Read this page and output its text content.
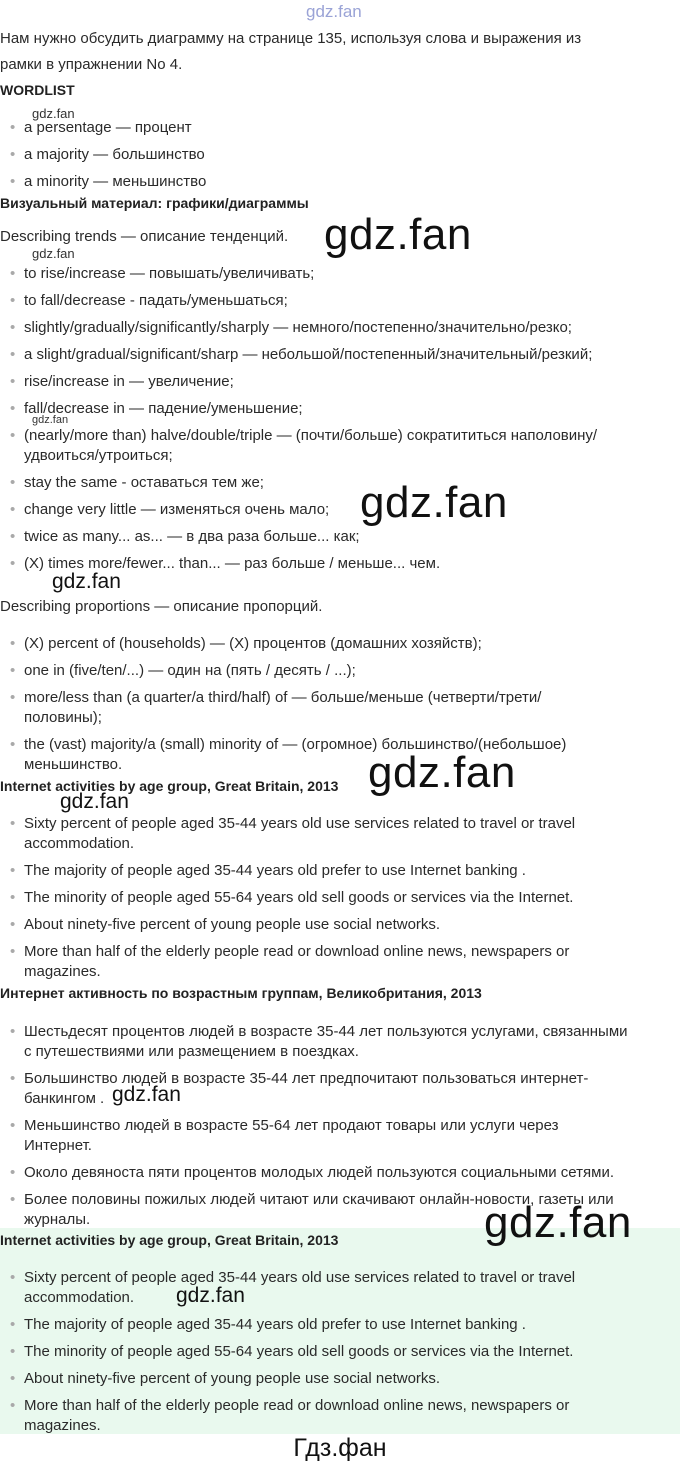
gdz.fan
Нам нужно обсудить диаграмму на странице 135, используя слова и выражения из
рамки в упражнении No 4.
WORDLIST
gdz.fan
• a persentage — процент
• a majority — большинство
• a minority — меньшинство
Визуальный материал: графики/диаграммы
Describing trends — описание тенденций. gdz.fan
gdz.fan
• to rise/increase — повышать/увеличивать;
• to fall/decrease - падать/уменьшаться;
• slightly/gradually/significantly/sharply — немного/постепенно/значительно/резко;
• a slight/gradual/significant/sharp — небольшой/постепенный/значительный/резкий;
• rise/increase in — увеличение;
• fall/decrease in — падение/уменьшение;
gdz.fan
• (nearly/more than) halve/double/triple — (почти/больше) сократититься наполовину/
удвоиться/утроиться;
• stay the same - оставаться тем же;
• change very little — изменяться очень мало; gdz.fan
• twice as many... as... — в два раза больше... как;
• (X) times more/fewer... than... — раз больше / меньше... чем.
gdz.fan
Describing proportions — описание пропорций.
• (X) percent of (households) — (X) процентов (домашних хозяйств);
• one in (five/ten/...) — один на (пять / десять / ...);
• more/less than (a quarter/a third/half) of — больше/меньше (четверти/трети/
половины);
• the (vast) majority/a (small) minority of — (огромное) большинство/(небольшое)
меньшинство.
Internet activities by age group, Great Britain, 2013 gdz.fan
gdz.fan
• Sixty percent of people aged 35-44 years old use services related to travel or travel
accommodation.
• The majority of people aged 35-44 years old prefer to use Internet banking .
• The minority of people aged 55-64 years old sell goods or services via the Internet.
• About ninety-five percent of young people use social networks.
• More than half of the elderly people read or download online news, newspapers or
magazines.
Интернет активность по возрастным группам, Великобритания, 2013
• Шестьдесят процентов людей в возрасте 35-44 лет пользуются услугами, связанными
с путешествиями или размещением в поездках.
• Большинство людей в возрасте 35-44 лет предпочитают пользоваться интернет-
банкингом . gdz.fan
• Меньшинство людей в возрасте 55-64 лет продают товары или услуги через
Интернет.
• Около девяноста пяти процентов молодых людей пользуются социальными сетями.
• Более половины пожилых людей читают или скачивают онлайн-новости, газеты или
журналы.	gdz.fan
Internet activities by age group, Great Britain, 2013
• Sixty percent of people aged 35-44 years old use services related to travel or travel
accommodation. gdz.fan
• The majority of people aged 35-44 years old prefer to use Internet banking .
• The minority of people aged 55-64 years old sell goods or services via the Internet.
• About ninety-five percent of young people use social networks.
• More than half of the elderly people read or download online news, newspapers or
magazines.
Гдз.фан
